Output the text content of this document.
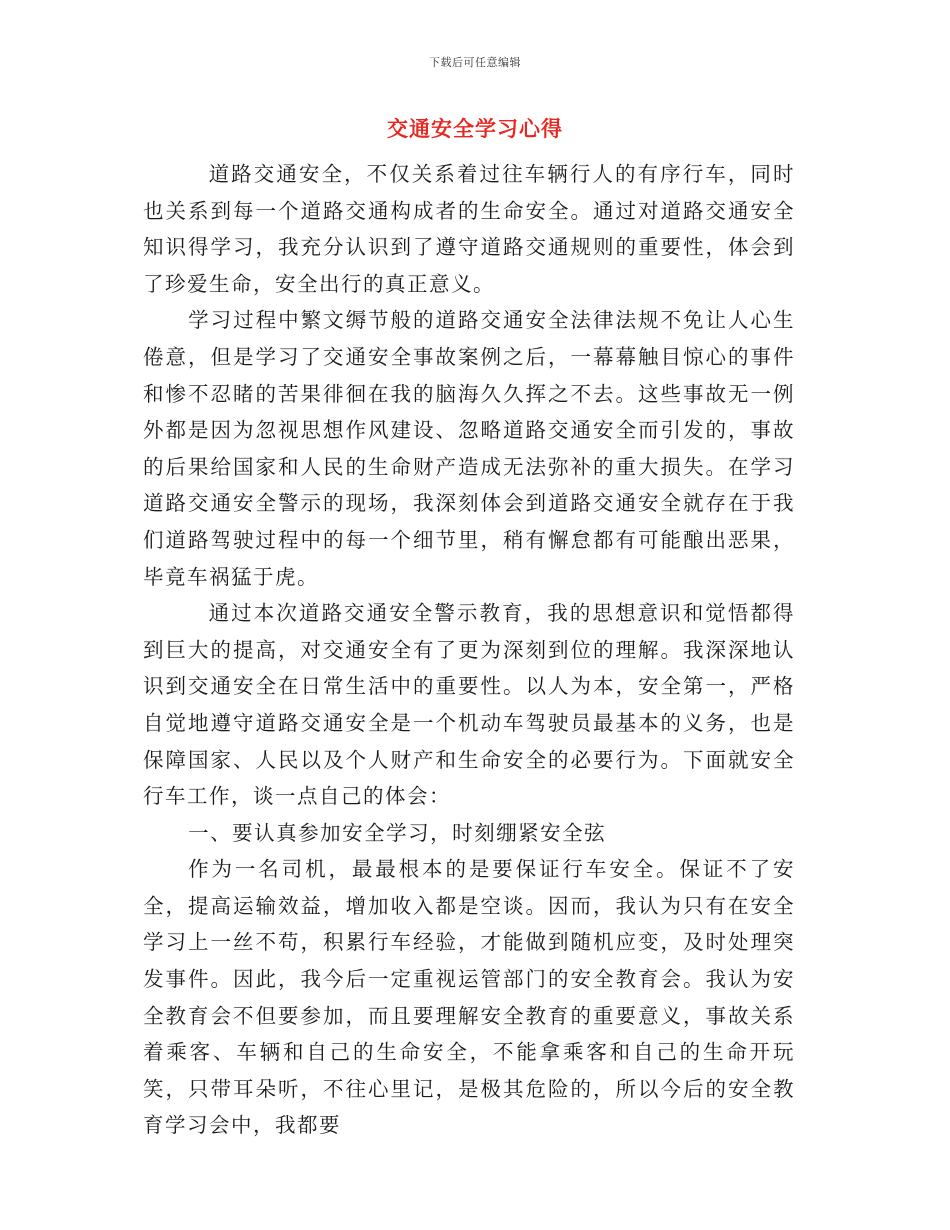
下载后可任意编辑
交通安全学习心得

道路交通安全，不仅关系着过往车辆行人的有序行车，同时也关系到每一个道路交通构成者的生命安全。通过对道路交通安全知识得学习，我充分认识到了遵守道路交通规则的重要性，体会到了珍爱生命，安全出行的真正意义。

学习过程中繁文缛节般的道路交通安全法律法规不免让人心生倦意，但是学习了交通安全事故案例之后，一幕幕触目惊心的事件和惨不忍睹的苦果徘徊在我的脑海久久挥之不去。这些事故无一例外都是因为忽视思想作风建设、忽略道路交通安全而引发的，事故的后果给国家和人民的生命财产造成无法弥补的重大损失。在学习道路交通安全警示的现场，我深刻体会到道路交通安全就存在于我们道路驾驶过程中的每一个细节里，稍有懈怠都有可能酿出恶果，毕竟车祸猛于虎。

通过本次道路交通安全警示教育，我的思想意识和觉悟都得到巨大的提高，对交通安全有了更为深刻到位的理解。我深深地认识到交通安全在日常生活中的重要性。以人为本，安全第一，严格自觉地遵守道路交通安全是一个机动车驾驶员最基本的义务，也是保障国家、人民以及个人财产和生命安全的必要行为。下面就安全行车工作，谈一点自己的体会：

一、要认真参加安全学习，时刻绷紧安全弦

作为一名司机，最最根本的是要保证行车安全。保证不了安全，提高运输效益，增加收入都是空谈。因而，我认为只有在安全学习上一丝不苟，积累行车经验，才能做到随机应变，及时处理突发事件。因此，我今后一定重视运管部门的安全教育会。我认为安全教育会不但要参加，而且要理解安全教育的重要意义，事故关系着乘客、车辆和自己的生命安全，不能拿乘客和自己的生命开玩笑，只带耳朵听，不往心里记，是极其危险的，所以今后的安全教育学习会中，我都要
